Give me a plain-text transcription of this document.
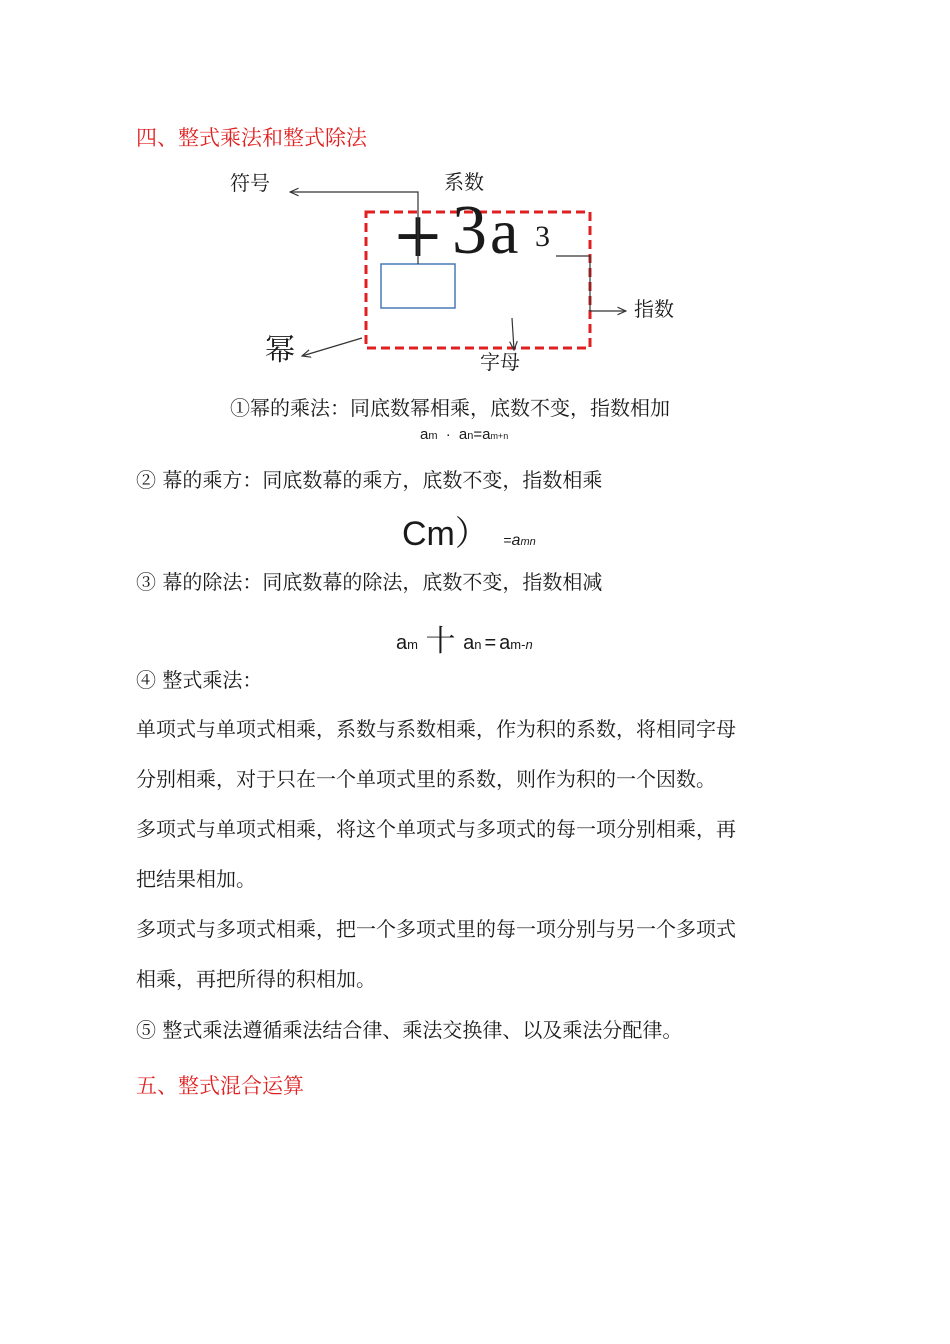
四、整式乘法和整式除法
+ 3 a 3
符号	系数
指数
幂	字母
①幂的乘法：同底数幂相乘，底数不变，指数相加
am · an=am+n
② 幕的乘方：同底数幕的乘方，底数不变，指数相乘
Cm） =amn
③ 幕的除法：同底数幕的除法，底数不变，指数相减
am 十 an = am-n
④ 整式乘法：
单项式与单项式相乘，系数与系数相乘，作为积的系数，将相同字母
分别相乘，对于只在一个单项式里的系数，则作为积的一个因数。
多项式与单项式相乘，将这个单项式与多项式的每一项分别相乘，再
把结果相加。
多项式与多项式相乘，把一个多项式里的每一项分别与另一个多项式
相乘，再把所得的积相加。
⑤ 整式乘法遵循乘法结合律、乘法交换律、以及乘法分配律。
五、整式混合运算
